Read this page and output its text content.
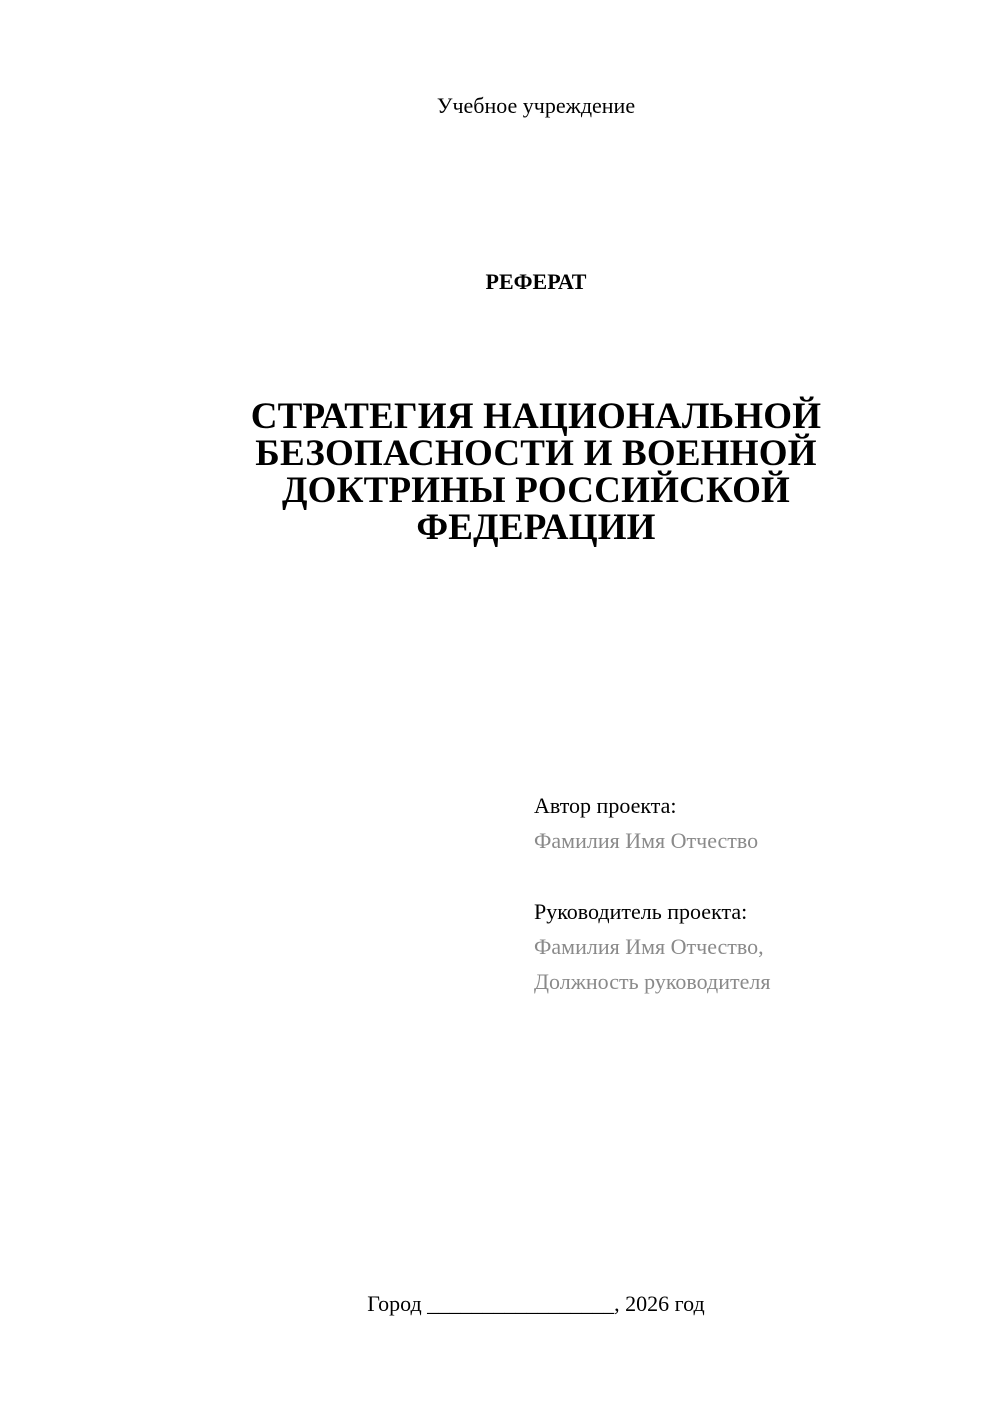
Учебное учреждение
РЕФЕРАТ
СТРАТЕГИЯ НАЦИОНАЛЬНОЙ
БЕЗОПАСНОСТИ И ВОЕННОЙ
ДОКТРИНЫ РОССИЙСКОЙ
ФЕДЕРАЦИИ
Автор проекта:
Фамилия Имя Отчество
Руководитель проекта:
Фамилия Имя Отчество,
Должность руководителя
Город _________________, 2026 год
